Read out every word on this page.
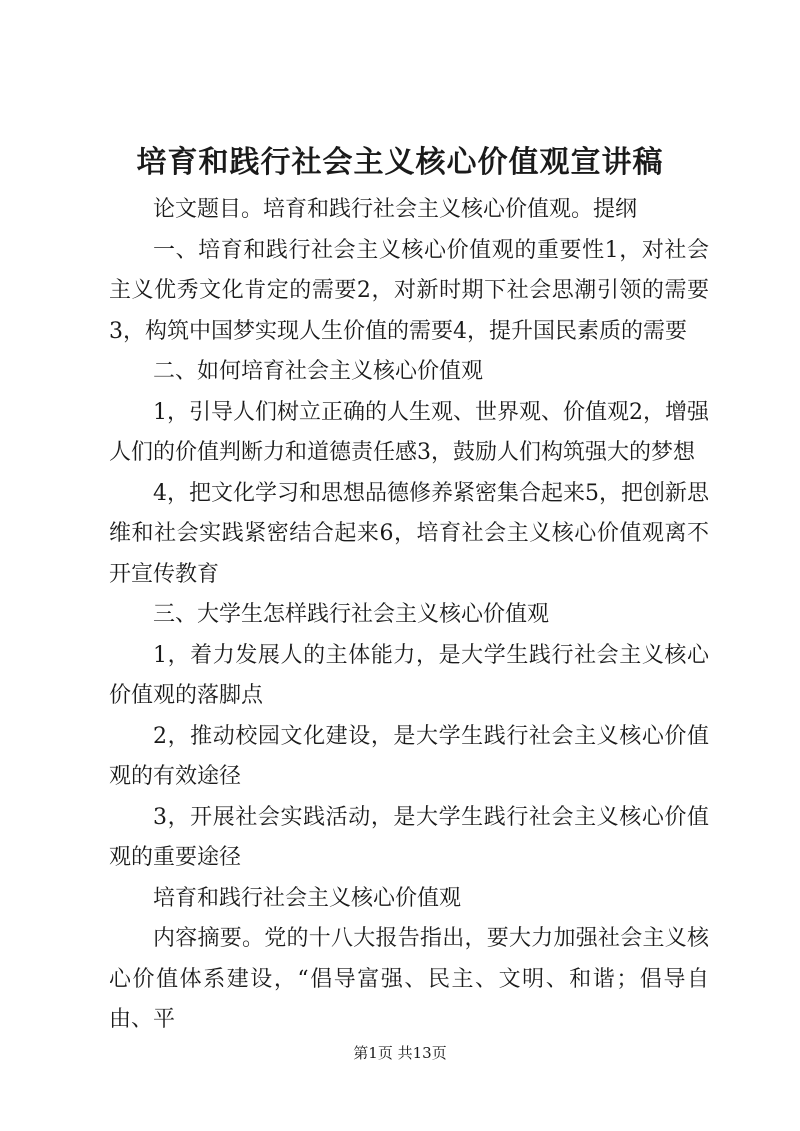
培育和践行社会主义核心价值观宣讲稿

论文题目。培育和践行社会主义核心价值观。提纲

一、培育和践行社会主义核心价值观的重要性1，对社会主义优秀文化肯定的需要2，对新时期下社会思潮引领的需要3，构筑中国梦实现人生价值的需要4，提升国民素质的需要

二、如何培育社会主义核心价值观

1，引导人们树立正确的人生观、世界观、价值观2，增强人们的价值判断力和道德责任感3，鼓励人们构筑强大的梦想

4，把文化学习和思想品德修养紧密集合起来5，把创新思维和社会实践紧密结合起来6，培育社会主义核心价值观离不开宣传教育

三、大学生怎样践行社会主义核心价值观

1，着力发展人的主体能力，是大学生践行社会主义核心价值观的落脚点

2，推动校园文化建设，是大学生践行社会主义核心价值观的有效途径

3，开展社会实践活动，是大学生践行社会主义核心价值观的重要途径

培育和践行社会主义核心价值观

内容摘要。党的十八大报告指出，要大力加强社会主义核心价值体系建设，“倡导富强、民主、文明、和谐；倡导自由、平

第1页 共13页
